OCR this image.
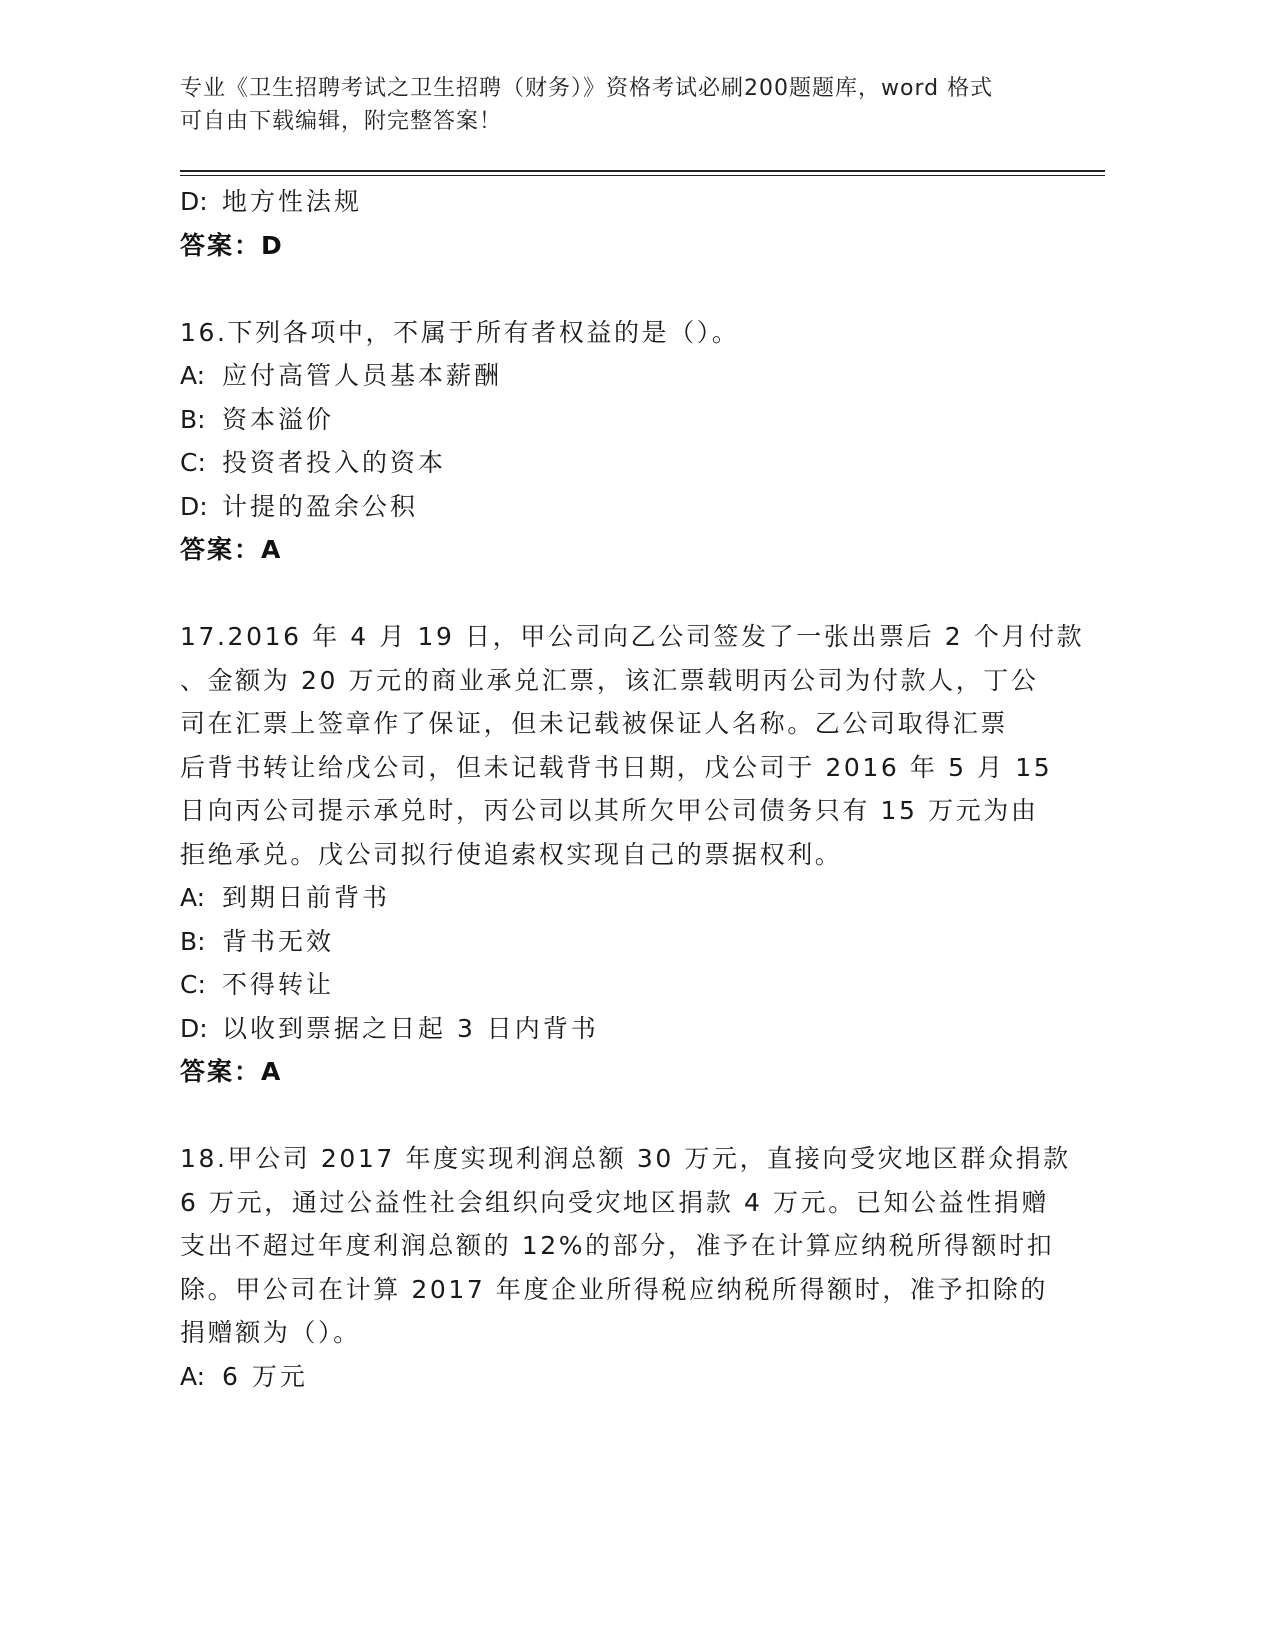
专业《卫生招聘考试之卫生招聘（财务）》资格考试必刷200题题库，word 格式
可自由下载编辑，附完整答案！
D: 地方性法规
答案：D
16.下列各项中，不属于所有者权益的是（）。
A: 应付高管人员基本薪酬
B: 资本溢价
C: 投资者投入的资本
D: 计提的盈余公积
答案：A
17.2016 年 4 月 19 日，甲公司向乙公司签发了一张出票后 2 个月付款
、金额为 20 万元的商业承兑汇票，该汇票载明丙公司为付款人，丁公
司在汇票上签章作了保证，但未记载被保证人名称。乙公司取得汇票
后背书转让给戊公司，但未记载背书日期，戊公司于 2016 年 5 月 15
日向丙公司提示承兑时，丙公司以其所欠甲公司债务只有 15 万元为由
拒绝承兑。戊公司拟行使追索权实现自己的票据权利。
A: 到期日前背书
B: 背书无效
C: 不得转让
D: 以收到票据之日起 3 日内背书
答案：A
18.甲公司 2017 年度实现利润总额 30 万元，直接向受灾地区群众捐款
6 万元，通过公益性社会组织向受灾地区捐款 4 万元。已知公益性捐赠
支出不超过年度利润总额的 12%的部分，准予在计算应纳税所得额时扣
除。甲公司在计算 2017 年度企业所得税应纳税所得额时，准予扣除的
捐赠额为（）。
A: 6 万元
